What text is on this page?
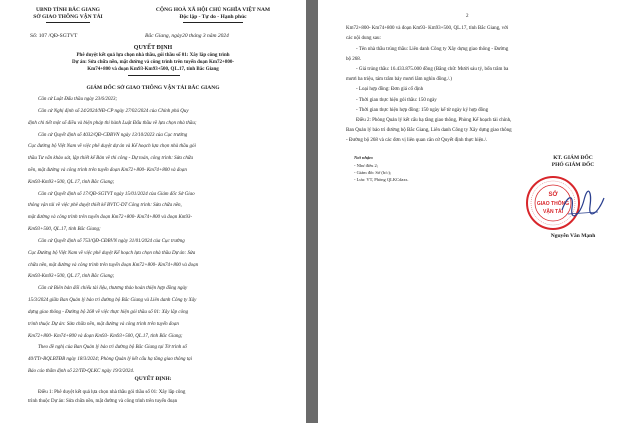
UBND TỈNH BẮC GIANG
SỞ GIAO THÔNG VẬN TẢI
CỘNG HOÀ XÃ HỘI CHỦ NGHĨA VIỆT NAM
Độc lập - Tự do - Hạnh phúc
Số: 107 /QĐ-SGTVT	Bắc Giang, ngày20 tháng 3 năm 2024
QUYẾT ĐỊNH
Phê duyệt kết quả lựa chọn nhà thầu, gói thầu số 01: Xây lắp công trình
Dự án: Sửa chữa nền, mặt đường và công trình trên tuyến đoạn Km72+800-
Km74+800 và đoạn Km93-Km93+500, QL.17, tỉnh Bắc Giang
GIÁM ĐỐC SỞ GIAO THÔNG VẬN TẢI BẮC GIANG
Căn cứ Luật Đấu thầu ngày 23/6/2023;
Căn cứ Nghị định số 24/2024/NĐ-CP ngày 27/02/2024 của Chính phủ Quy
định chi tiết một số điều và biện pháp thi hành Luật Đấu thầu về lựa chọn nhà thầu;
Căn cứ Quyết định số 4032/QĐ-CĐBVN ngày 13/10/2023 của Cục trưởng
Cục đường bộ Việt Nam về việc phê duyệt dự án và Kế hoạch lựa chọn nhà thầu gói
thầu Tư vấn khảo sát, lập thiết kế Bản vẽ thi công - Dự toán, công trình: Sửa chữa
nền, mặt đường và công trình trên tuyến đoạn Km72+800- Km74+800 và đoạn
Km93-Km93+500, QL.17, tỉnh Bắc Giang;
Căn cứ Quyết định số 17/QĐ-SGTVT ngày 15/01/2024 của Giám đốc Sở Giao
thông vận tải về việc phê duyệt thiết kế BVTC-DT Công trình: Sửa chữa nền,
mặt đường và công trình trên tuyến đoạn Km72+800- Km74+800 và đoạn Km93-
Km93+500, QL.17, tỉnh Bắc Giang;
Căn cứ Quyết định số 753/QĐ-CĐBVN ngày 31/01/2024 của Cục trưởng
Cục Đường bộ Việt Nam về việc phê duyệt Kế hoạch lựa chọn nhà thầu Dự án: Sửa
chữa nền, mặt đường và công trình trên tuyến đoạn Km72+800- Km74+800 và đoạn
Km93-Km93+500, QL.17, tỉnh Bắc Giang;
Căn cứ Biên bản đối chiếu tài liệu, thương thảo hoàn thiện hợp đồng ngày
15/3/2024 giữa Ban Quản lý bảo trì đường bộ Bắc Giang và Liên danh Công ty Xây
dựng giao thông - Đường bộ 268 về việc thực hiện gói thầu số 01: Xây lắp công
trình thuộc Dự án: Sửa chữa nền, mặt đường và công trình trên tuyến đoạn
Km72+800- Km74+800 và đoạn Km93- Km93+500, QL.17, tỉnh Bắc Giang;
Theo đề nghị của Ban Quản lý bảo trì đường bộ Bắc Giang tại Tờ trình số
40/TTr-BQLBTĐB ngày 18/3/2024; Phòng Quản lý kết cấu hạ tầng giao thông tại
Báo cáo thẩm định số 22/TĐ-QLKC ngày 19/3/2024.
QUYẾT ĐỊNH:
Điều 1: Phê duyệt kết quả lựa chọn nhà thầu gói thầu số 01: Xây lắp công
trình thuộc Dự án: Sửa chữa nền, mặt đường và công trình trên tuyến đoạn
2
Km72+800- Km74+800 và đoạn Km93- Km93+500, QL.17, tỉnh Bắc Giang, với
các nội dung sau:
- Tên nhà thầu trúng thầu: Liên danh Công ty Xây dựng giao thông - Đường
bộ 268.
- Giá trúng thầu: 16.433.875.000 đồng (Bằng chữ: Mười sáu tỷ, bốn trăm ba
mươi ba triệu, tám trăm bảy mươi lăm nghìn đồng./.)
- Loại hợp đồng: Đơn giá cố định
- Thời gian thực hiện gói thầu: 150 ngày
- Thời gian thực hiện hợp đồng: 150 ngày kể từ ngày ký hợp đồng
Điều 2: Phòng Quản lý kết cấu hạ tầng giao thông, Phòng Kế hoạch tài chính,
Ban Quản lý bảo trì đường bộ Bắc Giang, Liên danh Công ty Xây dựng giao thông
- Đường bộ 268 và các đơn vị liên quan căn cứ Quyết định thực hiện./.
Nơi nhận:
- Như điều 2;
- Giám đốc Sở (b/c);
- Lưu: VT, Phòng QLKCdaxs.
KT. GIÁM ĐỐC
PHÓ GIÁM ĐỐC
SỞ
GIAO THÔNG
VẬN TẢI
Nguyễn Văn Mạnh
